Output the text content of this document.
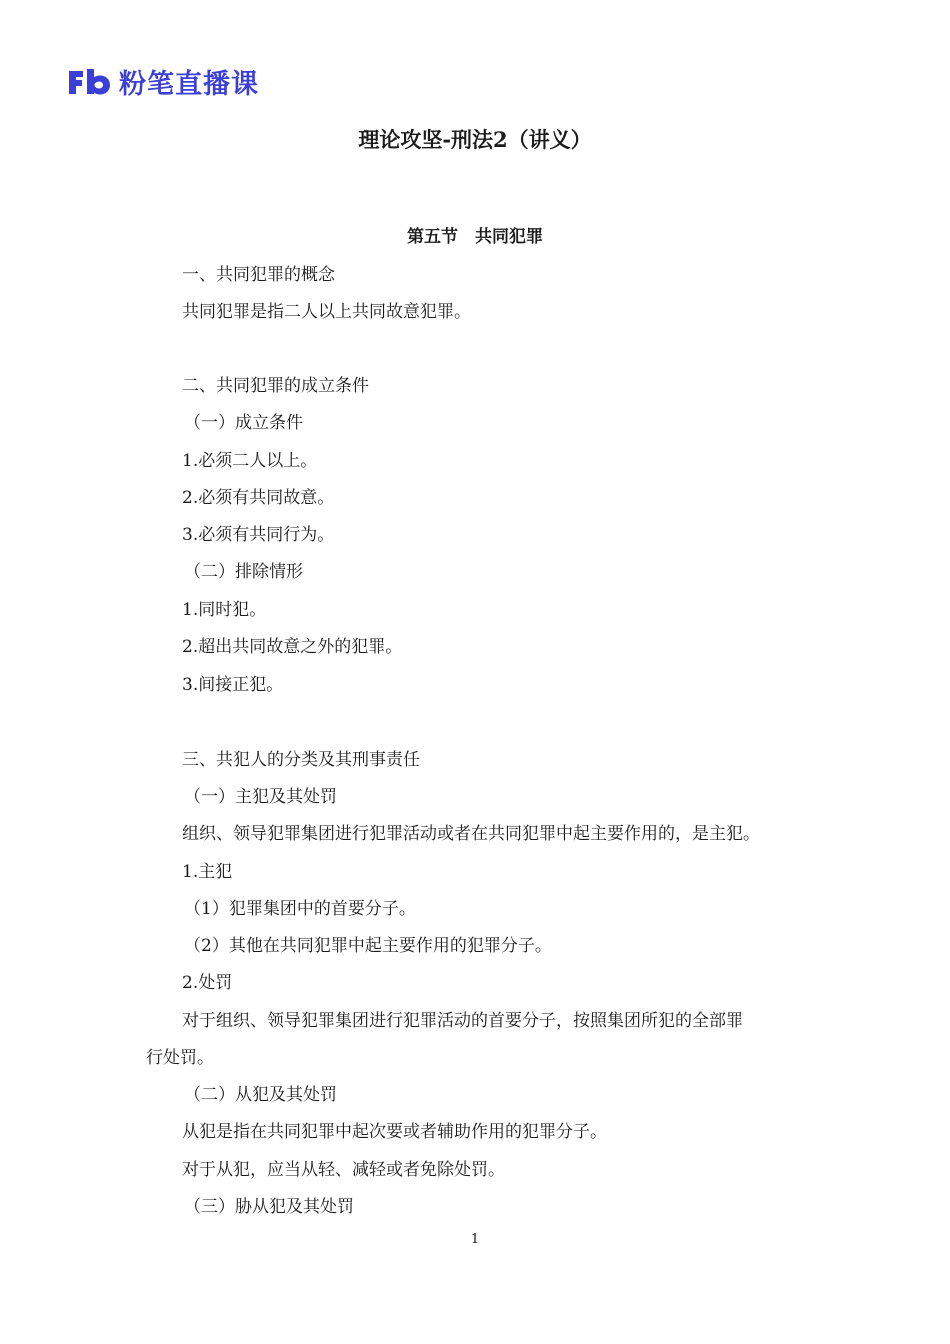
粉笔直播课
理论攻坚-刑法2（讲义）
第五节　共同犯罪

一、共同犯罪的概念

共同犯罪是指二人以上共同故意犯罪。

二、共同犯罪的成立条件

（一）成立条件

1.必须二人以上。

2.必须有共同故意。

3.必须有共同行为。

（二）排除情形

1.同时犯。

2.超出共同故意之外的犯罪。

3.间接正犯。

三、共犯人的分类及其刑事责任

（一）主犯及其处罚

组织、领导犯罪集团进行犯罪活动或者在共同犯罪中起主要作用的，是主犯。

1.主犯

（1）犯罪集团中的首要分子。

（2）其他在共同犯罪中起主要作用的犯罪分子。

2.处罚

对于组织、领导犯罪集团进行犯罪活动的首要分子，按照集团所犯的全部罪

行处罚。

（二）从犯及其处罚

从犯是指在共同犯罪中起次要或者辅助作用的犯罪分子。

对于从犯，应当从轻、减轻或者免除处罚。

（三）胁从犯及其处罚

1
